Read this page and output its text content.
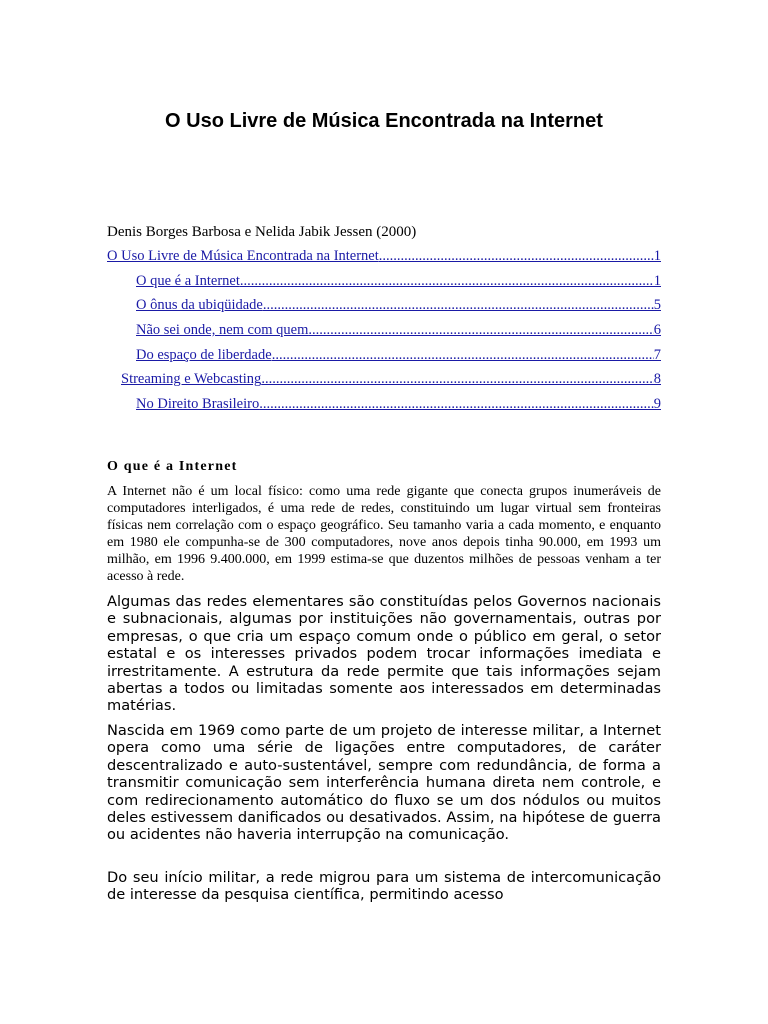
O Uso Livre de Música Encontrada na Internet
Denis Borges Barbosa e Nelida Jabik Jessen (2000)
O Uso Livre de Música Encontrada na Internet .....	1
O que é a Internet .....	1
O ônus da ubiqüidade .....	5
Não sei onde, nem com quem .....	6
Do espaço de liberdade .....	7
Streaming e Webcasting .....	8
No Direito Brasileiro .....	9
O que é a Internet

A Internet não é um local físico: como uma rede gigante que conecta grupos inumeráveis de computadores interligados, é uma rede de redes, constituindo um lugar virtual sem fronteiras físicas nem correlação com o espaço geográfico. Seu tamanho varia a cada momento, e enquanto em 1980 ele compunha-se de 300 computadores, nove anos depois tinha 90.000, em 1993 um milhão, em 1996 9.400.000, em 1999 estima-se que duzentos milhões de pessoas venham a ter acesso à rede.

Algumas das redes elementares são constituídas pelos Governos nacionais e subnacionais, algumas por instituições não governamentais, outras por empresas, o que cria um espaço comum onde o público em geral, o setor estatal e os interesses privados podem trocar informações imediata e irrestritamente. A estrutura da rede permite que tais informações sejam abertas a todos ou limitadas somente aos interessados em determinadas matérias.

Nascida em 1969 como parte de um projeto de interesse militar, a Internet opera como uma série de ligações entre computadores, de caráter descentralizado e auto-sustentável, sempre com redundância, de forma a transmitir comunicação sem interferência humana direta nem controle, e com redirecionamento automático do fluxo se um dos nódulos ou muitos deles estivessem danificados ou desativados. Assim, na hipótese de guerra ou acidentes não haveria interrupção na comunicação.

Do seu início militar, a rede migrou para um sistema de intercomunicação de interesse da pesquisa científica, permitindo acesso
